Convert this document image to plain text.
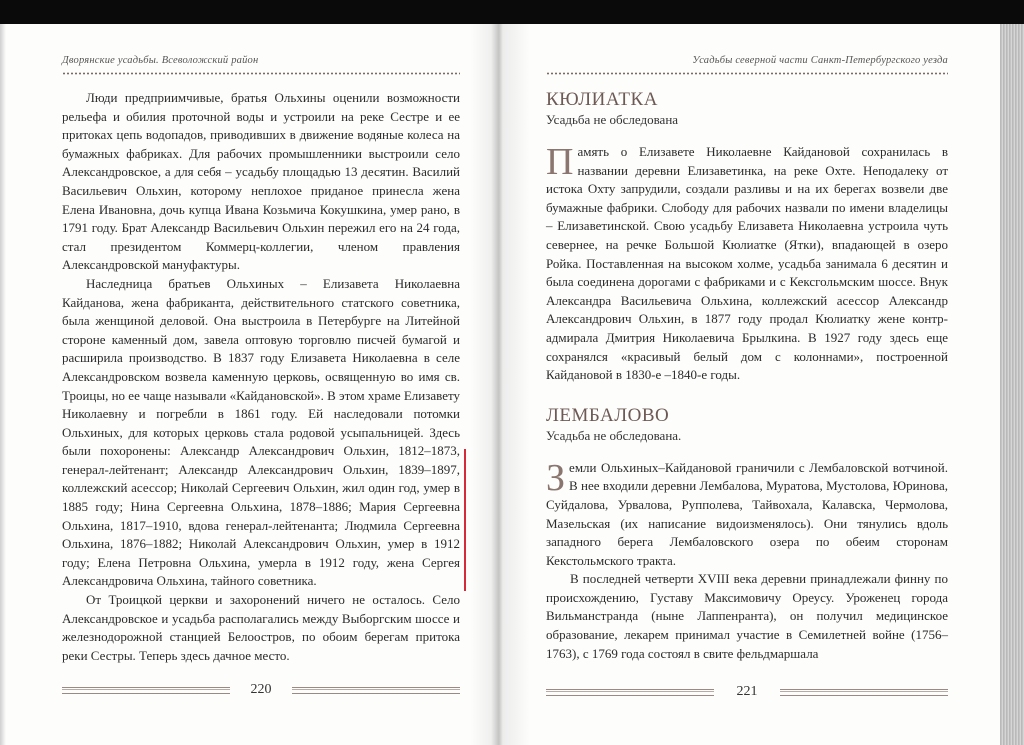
Дворянские усадьбы. Всеволожский район

Люди предприимчивые, братья Ольхины оценили возможности рельефа и обилия проточной воды и устроили на реке Сестре и ее притоках цепь водопадов, приводивших в движение водяные колеса на бумажных фабриках. Для рабочих промышленники выстроили село Александровское, а для себя – усадьбу площадью 13 десятин. Василий Васильевич Ольхин, которому неплохое приданое принесла жена Елена Ивановна, дочь купца Ивана Козьмича Кокушкина, умер рано, в 1791 году. Брат Александр Васильевич Ольхин пережил его на 24 года, стал президентом Коммерц-коллегии, членом правления Александровской мануфактуры.

Наследница братьев Ольхиных – Елизавета Николаевна Кайданова, жена фабриканта, действительного статского советника, была женщиной деловой. Она выстроила в Петербурге на Литейной стороне каменный дом, завела оптовую торговлю писчей бумагой и расширила производство. В 1837 году Елизавета Николаевна в селе Александровском возвела каменную церковь, освященную во имя св. Троицы, но ее чаще называли «Кайдановской». В этом храме Елизавету Николаевну и погребли в 1861 году. Ей наследовали потомки Ольхиных, для которых церковь стала родовой усыпальницей. Здесь были похоронены: Александр Александрович Ольхин, 1812–1873, генерал-лейтенант; Александр Александрович Ольхин, 1839–1897, коллежский асессор; Николай Сергеевич Ольхин, жил один год, умер в 1885 году; Нина Сергеевна Ольхина, 1878–1886; Мария Сергеевна Ольхина, 1817–1910, вдова генерал-лейтенанта; Людмила Сергеевна Ольхина, 1876–1882; Николай Александрович Ольхин, умер в 1912 году; Елена Петровна Ольхина, умерла в 1912 году, жена Сергея Александровича Ольхина, тайного советника.

От Троицкой церкви и захоронений ничего не осталось. Село Александровское и усадьба располагались между Выборгским шоссе и железнодорожной станцией Белоостров, по обоим берегам притока реки Сестры. Теперь здесь дачное место.

220
Усадьбы северной части Санкт-Петербургского уезда
КЮЛИАТКА
Усадьба не обследована

Память о Елизавете Николаевне Кайдановой сохранилась в названии деревни Елизаветинка, на реке Охте. Неподалеку от истока Охту запрудили, создали разливы и на их берегах возвели две бумажные фабрики. Слободу для рабочих назвали по имени владелицы – Елизаветинской. Свою усадьбу Елизавета Николаевна устроила чуть севернее, на речке Большой Кюлиатке (Ятки), впадающей в озеро Ройка. Поставленная на высоком холме, усадьба занимала 6 десятин и была соединена дорогами с фабриками и с Кексгольмским шоссе. Внук Александра Васильевича Ольхина, коллежский асессор Александр Александрович Ольхин, в 1877 году продал Кюлиатку жене контр-адмирала Дмитрия Николаевича Брылкина. В 1927 году здесь еще сохранялся «красивый белый дом с колоннами», построенной Кайдановой в 1830-е –1840-е годы.

ЛЕМБАЛОВО
Усадьба не обследована.

Земли Ольхиных–Кайдановой граничили с Лембаловской вотчиной. В нее входили деревни Лембалова, Муратова, Мустолова, Юринова, Суйдалова, Урвалова, Рупполева, Тайвохала, Калавска, Чермолова, Мазельская (их написание видоизменялось). Они тянулись вдоль западного берега Лембаловского озера по обеим сторонам Кекстольмского тракта.

В последней четверти XVIII века деревни принадлежали финну по происхождению, Густаву Максимовичу Ореусу. Уроженец города Вильманстранда (ныне Лаппенранта), он получил медицинское образование, лекарем принимал участие в Семилетней войне (1756–1763), с 1769 года состоял в свите фельдмаршала

221
